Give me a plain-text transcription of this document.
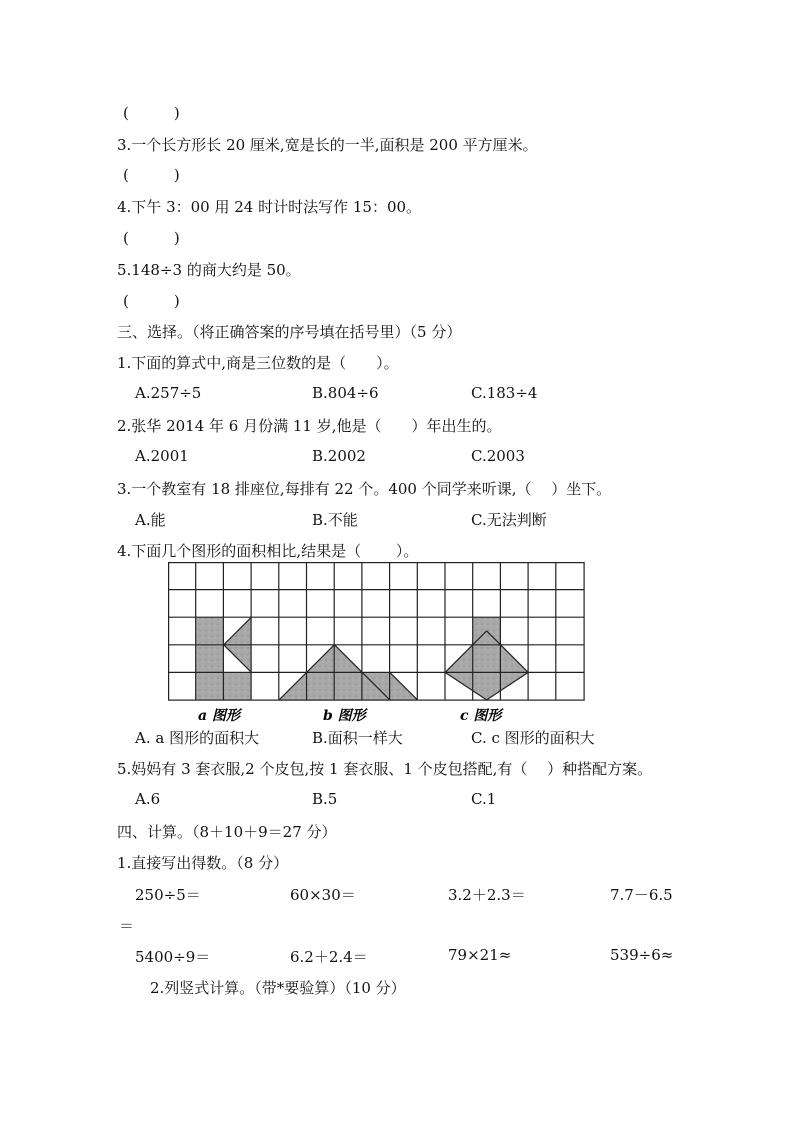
(　　　)
3.一个长方形长 20 厘米,宽是长的一半,面积是 200 平方厘米。
(　　　)
4.下午 3：00 用 24 时计时法写作 15：00。
(　　　)
5.148÷3 的商大约是 50。
(　　　)
三、选择。（将正确答案的序号填在括号里）（5 分）
1.下面的算式中,商是三位数的是（　　）。
A.257÷5	B.804÷6	C.183÷4
2.张华 2014 年 6 月份满 11 岁,他是（　　）年出生的。
A.2001	B.2002	C.2003
3.一个教室有 18 排座位,每排有 22 个。400 个同学来听课,（　 ）坐下。
A.能	B.不能	C.无法判断
4.下面几个图形的面积相比,结果是（　　 ）。
a 图形	b 图形	c 图形
A. a 图形的面积大	B.面积一样大	C. c 图形的面积大
5.妈妈有 3 套衣服,2 个皮包,按 1 套衣服、1 个皮包搭配,有（　 ）种搭配方案。
A.6	B.5	C.1
四、计算。（8＋10＋9＝27 分）
1.直接写出得数。（8 分）
250÷5＝	60×30＝	3.2＋2.3＝	7.7－6.5
＝
5400÷9＝	6.2＋2.4＝	79×21≈	539÷6≈
2.列竖式计算。（带*要验算）（10 分）
